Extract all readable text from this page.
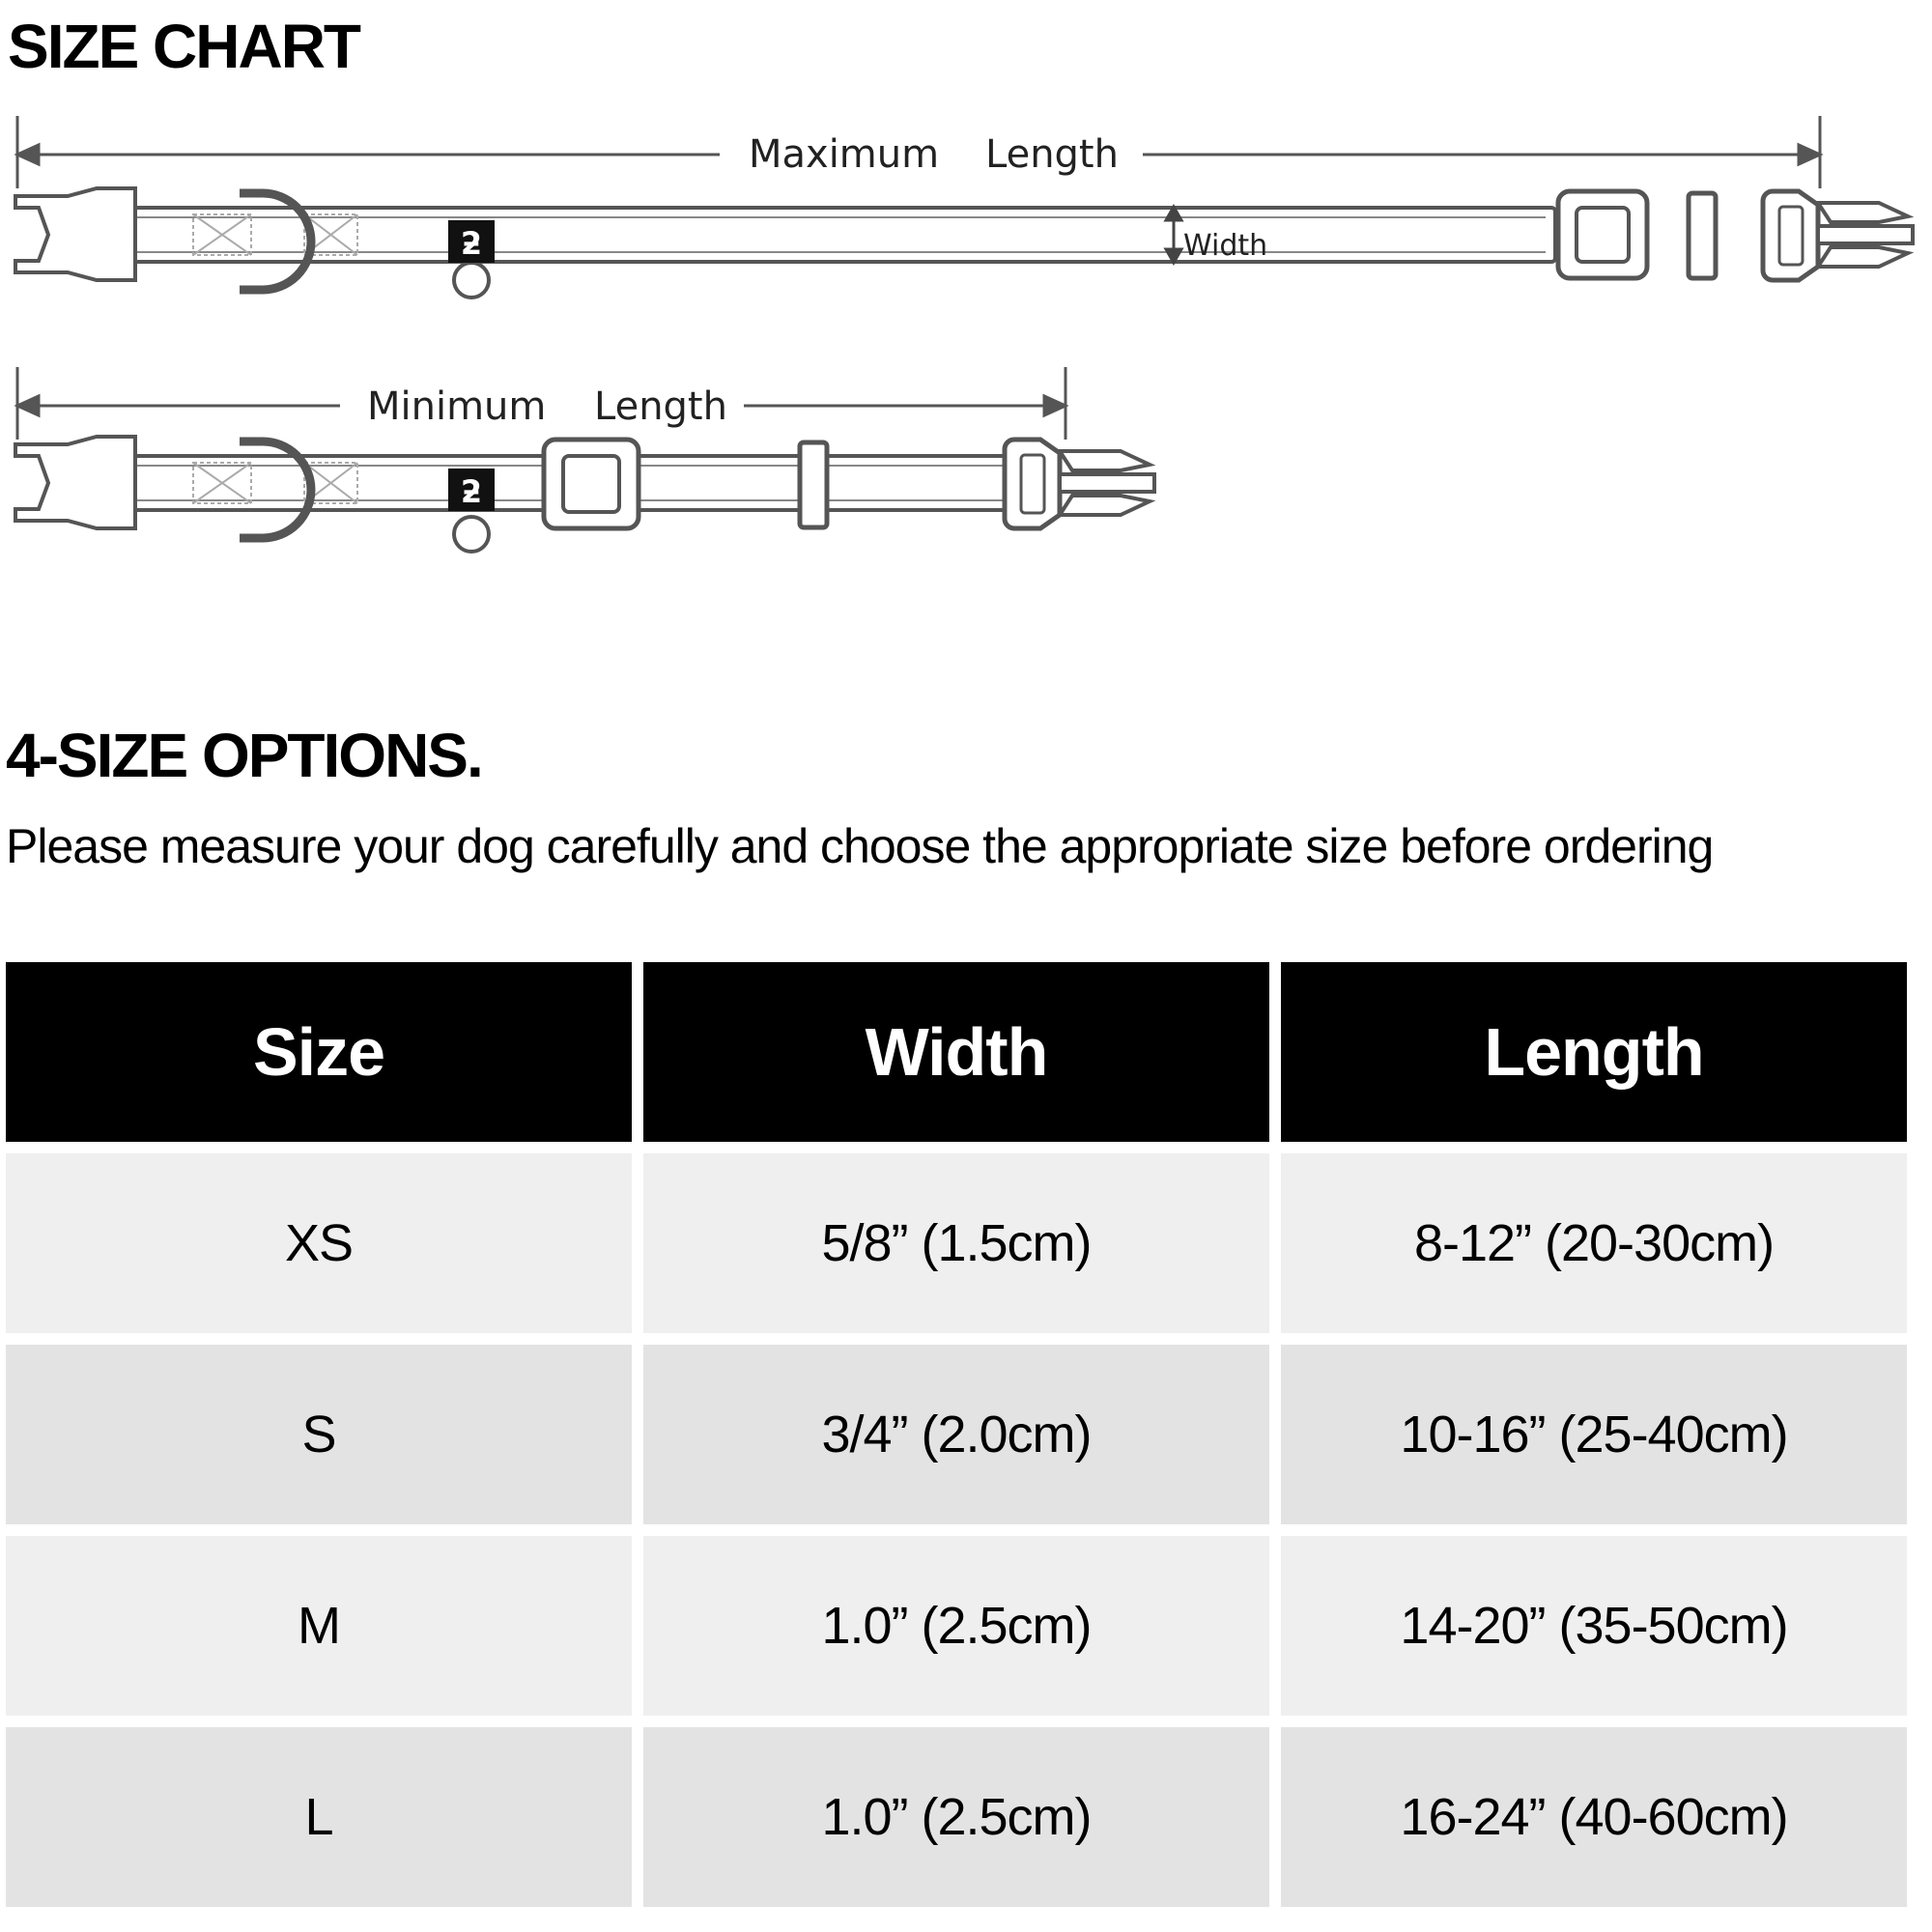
SIZE CHART
Maximum Length
ƻ	Width
Minimum Length
ƻ
4-SIZE OPTIONS.

Please measure your dog carefully and choose the appropriate size before ordering

Size	Width	Length
XS	5/8” (1.5cm)	8-12” (20-30cm)
S	3/4” (2.0cm)	10-16” (25-40cm)
M	1.0” (2.5cm)	14-20” (35-50cm)
L	1.0” (2.5cm)	16-24” (40-60cm)
